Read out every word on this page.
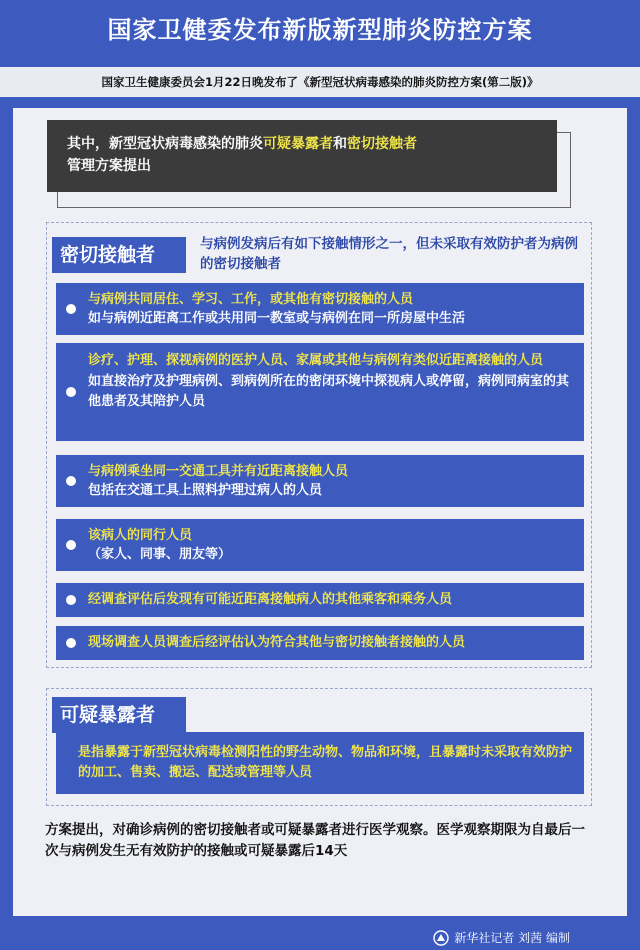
国家卫健委发布新版新型肺炎防控方案
国家卫生健康委员会1月22日晚发布了《新型冠状病毒感染的肺炎防控方案(第二版)》
其中，新型冠状病毒感染的肺炎可疑暴露者和密切接触者
管理方案提出
密切接触者	与病例发病后有如下接触情形之一，但未采取有效防护者为病例的密切接触者
与病例共同居住、学习、工作，或其他有密切接触的人员
如与病例近距离工作或共用同一教室或与病例在同一所房屋中生活
诊疗、护理、探视病例的医护人员、家属或其他与病例有类似近距离接触的人员
如直接治疗及护理病例、到病例所在的密闭环境中探视病人或停留，病例同病室的其他患者及其陪护人员
与病例乘坐同一交通工具并有近距离接触人员
包括在交通工具上照料护理过病人的人员
该病人的同行人员
（家人、同事、朋友等）
经调查评估后发现有可能近距离接触病人的其他乘客和乘务人员
现场调查人员调查后经评估认为符合其他与密切接触者接触的人员
可疑暴露者
是指暴露于新型冠状病毒检测阳性的野生动物、物品和环境，且暴露时未采取有效防护的加工、售卖、搬运、配送或管理等人员
方案提出，对确诊病例的密切接触者或可疑暴露者进行医学观察。医学观察期限为自最后一次与病例发生无有效防护的接触或可疑暴露后14天
新华社记者 刘茜 编制
